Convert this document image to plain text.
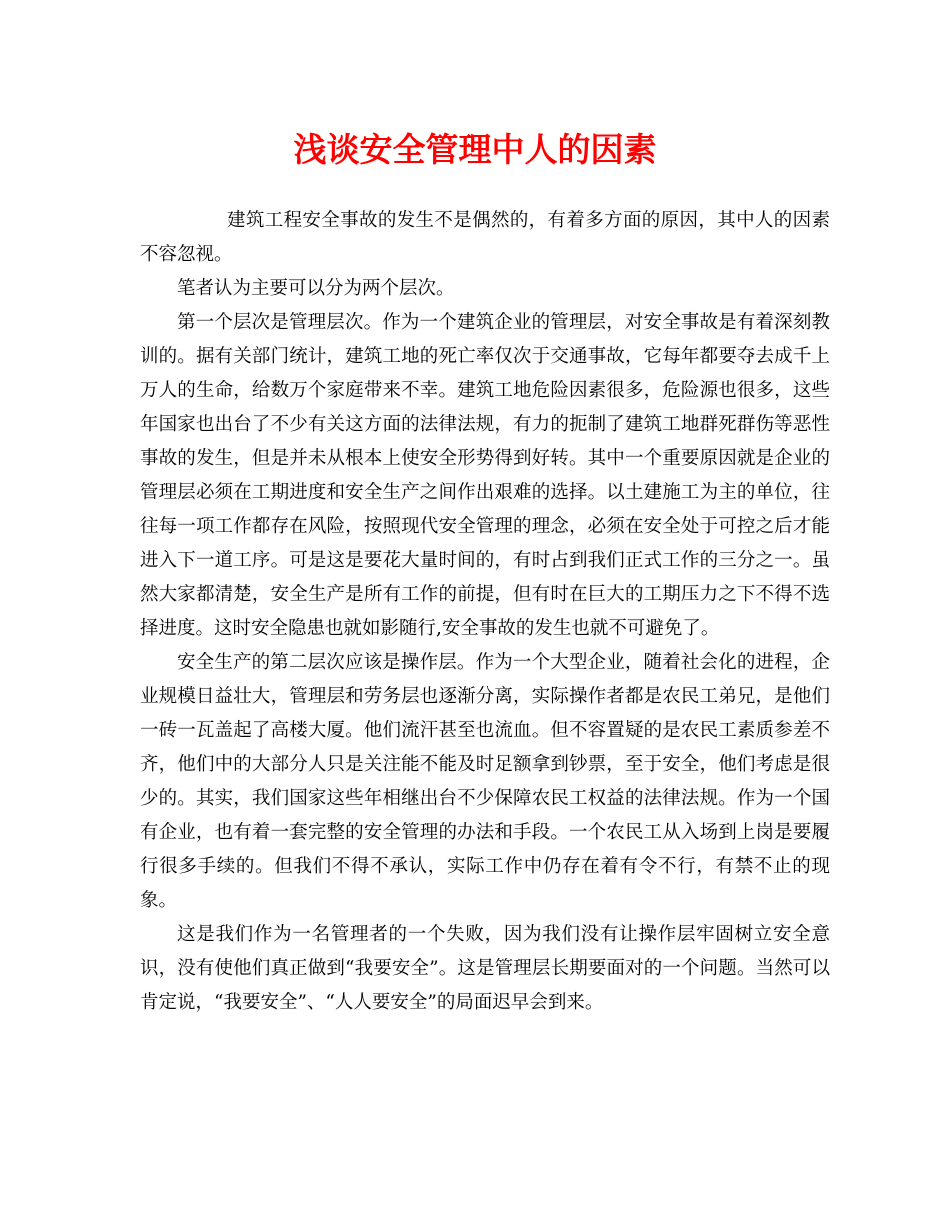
浅谈安全管理中人的因素

建筑工程安全事故的发生不是偶然的，有着多方面的原因，其中人的因素不容忽视。

笔者认为主要可以分为两个层次。

第一个层次是管理层次。作为一个建筑企业的管理层，对安全事故是有着深刻教训的。据有关部门统计，建筑工地的死亡率仅次于交通事故，它每年都要夺去成千上万人的生命，给数万个家庭带来不幸。建筑工地危险因素很多，危险源也很多，这些年国家也出台了不少有关这方面的法律法规，有力的扼制了建筑工地群死群伤等恶性事故的发生，但是并未从根本上使安全形势得到好转。其中一个重要原因就是企业的管理层必须在工期进度和安全生产之间作出艰难的选择。以土建施工为主的单位，往往每一项工作都存在风险，按照现代安全管理的理念，必须在安全处于可控之后才能进入下一道工序。可是这是要花大量时间的，有时占到我们正式工作的三分之一。虽然大家都清楚，安全生产是所有工作的前提，但有时在巨大的工期压力之下不得不选择进度。这时安全隐患也就如影随行,安全事故的发生也就不可避免了。

安全生产的第二层次应该是操作层。作为一个大型企业，随着社会化的进程，企业规模日益壮大，管理层和劳务层也逐渐分离，实际操作者都是农民工弟兄，是他们一砖一瓦盖起了高楼大厦。他们流汗甚至也流血。但不容置疑的是农民工素质参差不齐，他们中的大部分人只是关注能不能及时足额拿到钞票，至于安全，他们考虑是很少的。其实，我们国家这些年相继出台不少保障农民工权益的法律法规。作为一个国有企业，也有着一套完整的安全管理的办法和手段。一个农民工从入场到上岗是要履行很多手续的。但我们不得不承认，实际工作中仍存在着有令不行，有禁不止的现象。

这是我们作为一名管理者的一个失败，因为我们没有让操作层牢固树立安全意识，没有使他们真正做到“我要安全”。这是管理层长期要面对的一个问题。当然可以肯定说，“我要安全”、“人人要安全”的局面迟早会到来。
